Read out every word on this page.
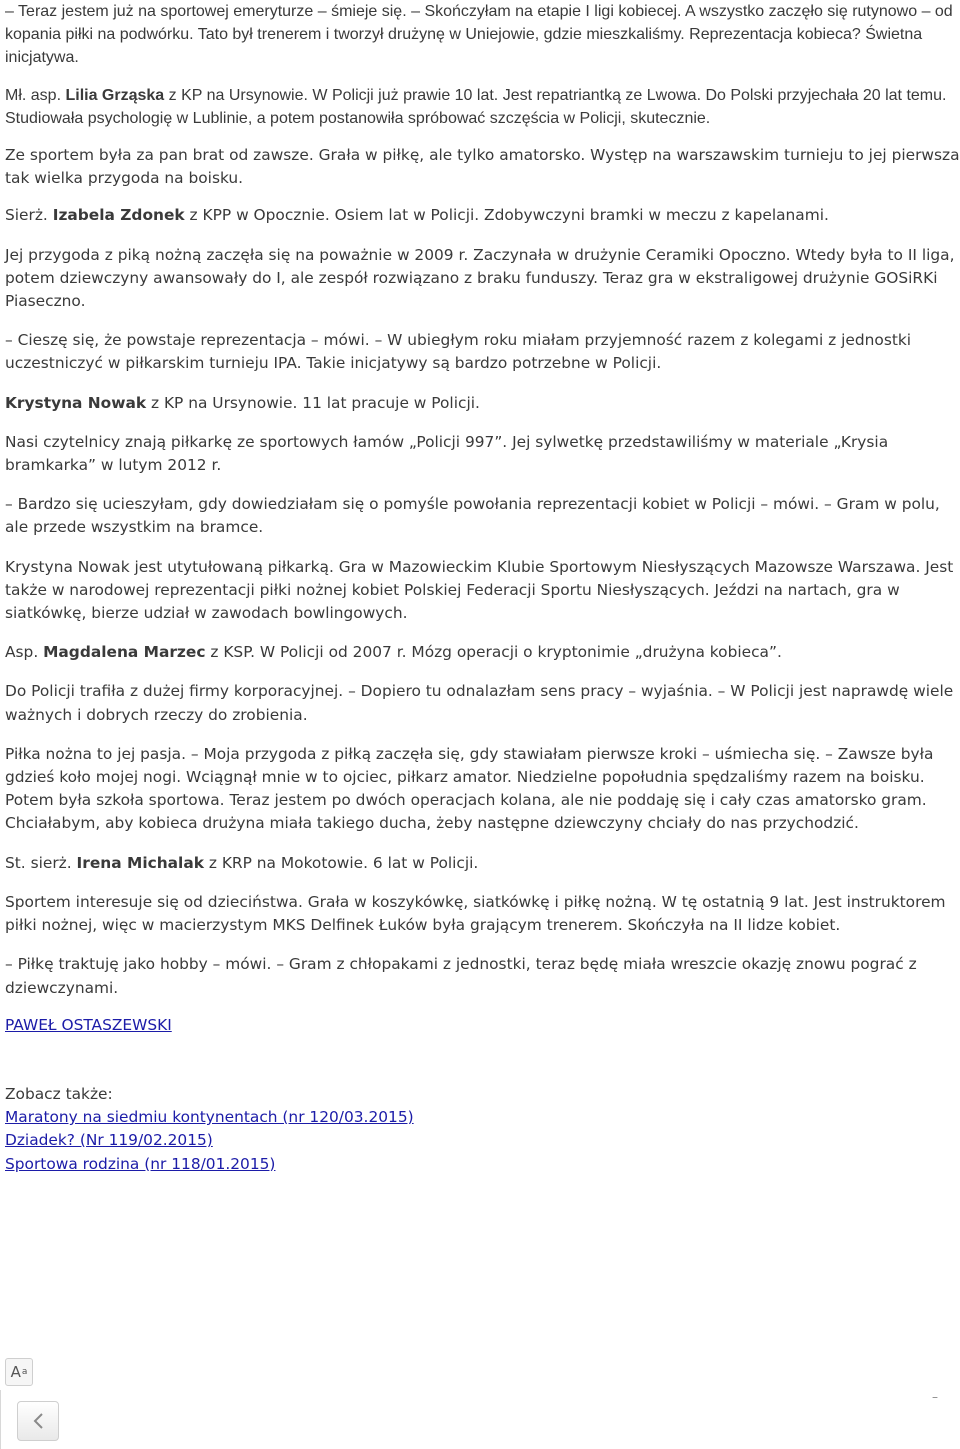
– Teraz jestem już na sportowej emeryturze – śmieje się. – Skończyłam na etapie I ligi kobiecej. A wszystko zaczęło się rutynowo – od kopania piłki na podwórku. Tato był trenerem i tworzył drużynę w Uniejowie, gdzie mieszkaliśmy. Reprezentacja kobieca? Świetna inicjatywa.

Mł. asp. Lilia Grząska z KP na Ursynowie. W Policji już prawie 10 lat. Jest repatriantką ze Lwowa. Do Polski przyjechała 20 lat temu. Studiowała psychologię w Lublinie, a potem postanowiła spróbować szczęścia w Policji, skutecznie.

Ze sportem była za pan brat od zawsze. Grała w piłkę, ale tylko amatorsko. Występ na warszawskim turnieju to jej pierwsza tak wielka przygoda na boisku.

Sierż. Izabela Zdonek z KPP w Opocznie. Osiem lat w Policji. Zdobywczyni bramki w meczu z kapelanami.

Jej przygoda z piką nożną zaczęła się na poważnie w 2009 r. Zaczynała w drużynie Ceramiki Opoczno. Wtedy była to II liga, potem dziewczyny awansowały do I, ale zespół rozwiązano z braku funduszy. Teraz gra w ekstraligowej drużynie GOSiRKi Piaseczno.

– Cieszę się, że powstaje reprezentacja – mówi. – W ubiegłym roku miałam przyjemność razem z kolegami z jednostki uczestniczyć w piłkarskim turnieju IPA. Takie inicjatywy są bardzo potrzebne w Policji.

Krystyna Nowak z KP na Ursynowie. 11 lat pracuje w Policji.

Nasi czytelnicy znają piłkarkę ze sportowych łamów „Policji 997”. Jej sylwetkę przedstawiliśmy w materiale „Krysia bramkarka” w lutym 2012 r.

– Bardzo się ucieszyłam, gdy dowiedziałam się o pomyśle powołania reprezentacji kobiet w Policji – mówi. – Gram w polu, ale przede wszystkim na bramce.

Krystyna Nowak jest utytułowaną piłkarką. Gra w Mazowieckim Klubie Sportowym Niesłyszących Mazowsze Warszawa. Jest także w narodowej reprezentacji piłki nożnej kobiet Polskiej Federacji Sportu Niesłyszących. Jeździ na nartach, gra w siatkówkę, bierze udział w zawodach bowlingowych.

Asp. Magdalena Marzec z KSP. W Policji od 2007 r. Mózg operacji o kryptonimie „drużyna kobieca”.

Do Policji trafiła z dużej firmy korporacyjnej. – Dopiero tu odnalazłam sens pracy – wyjaśnia. – W Policji jest naprawdę wiele ważnych i dobrych rzeczy do zrobienia.

Piłka nożna to jej pasja. – Moja przygoda z piłką zaczęła się, gdy stawiałam pierwsze kroki – uśmiecha się. – Zawsze była gdzieś koło mojej nogi. Wciągnął mnie w to ojciec, piłkarz amator. Niedzielne popołudnia spędzaliśmy razem na boisku. Potem była szkoła sportowa. Teraz jestem po dwóch operacjach kolana, ale nie poddaję się i cały czas amatorsko gram. Chciałabym, aby kobieca drużyna miała takiego ducha, żeby następne dziewczyny chciały do nas przychodzić.

St. sierż. Irena Michalak z KRP na Mokotowie. 6 lat w Policji.

Sportem interesuje się od dzieciństwa. Grała w koszykówkę, siatkówkę i piłkę nożną. W tę ostatnią 9 lat. Jest instruktorem piłki nożnej, więc w macierzystym MKS Delfinek Łuków była grającym trenerem. Skończyła na II lidze kobiet.

– Piłkę traktuję jako hobby – mówi. – Gram z chłopakami z jednostki, teraz będę miała wreszcie okazję znowu pograć z dziewczynami.

PAWEŁ OSTASZEWSKI

Zobacz także:

Maratony na siedmiu kontynentach (nr 120/03.2015)
Dziadek? (Nr 119/02.2015)
Sportowa rodzina (nr 118/01.2015)
A a
–
